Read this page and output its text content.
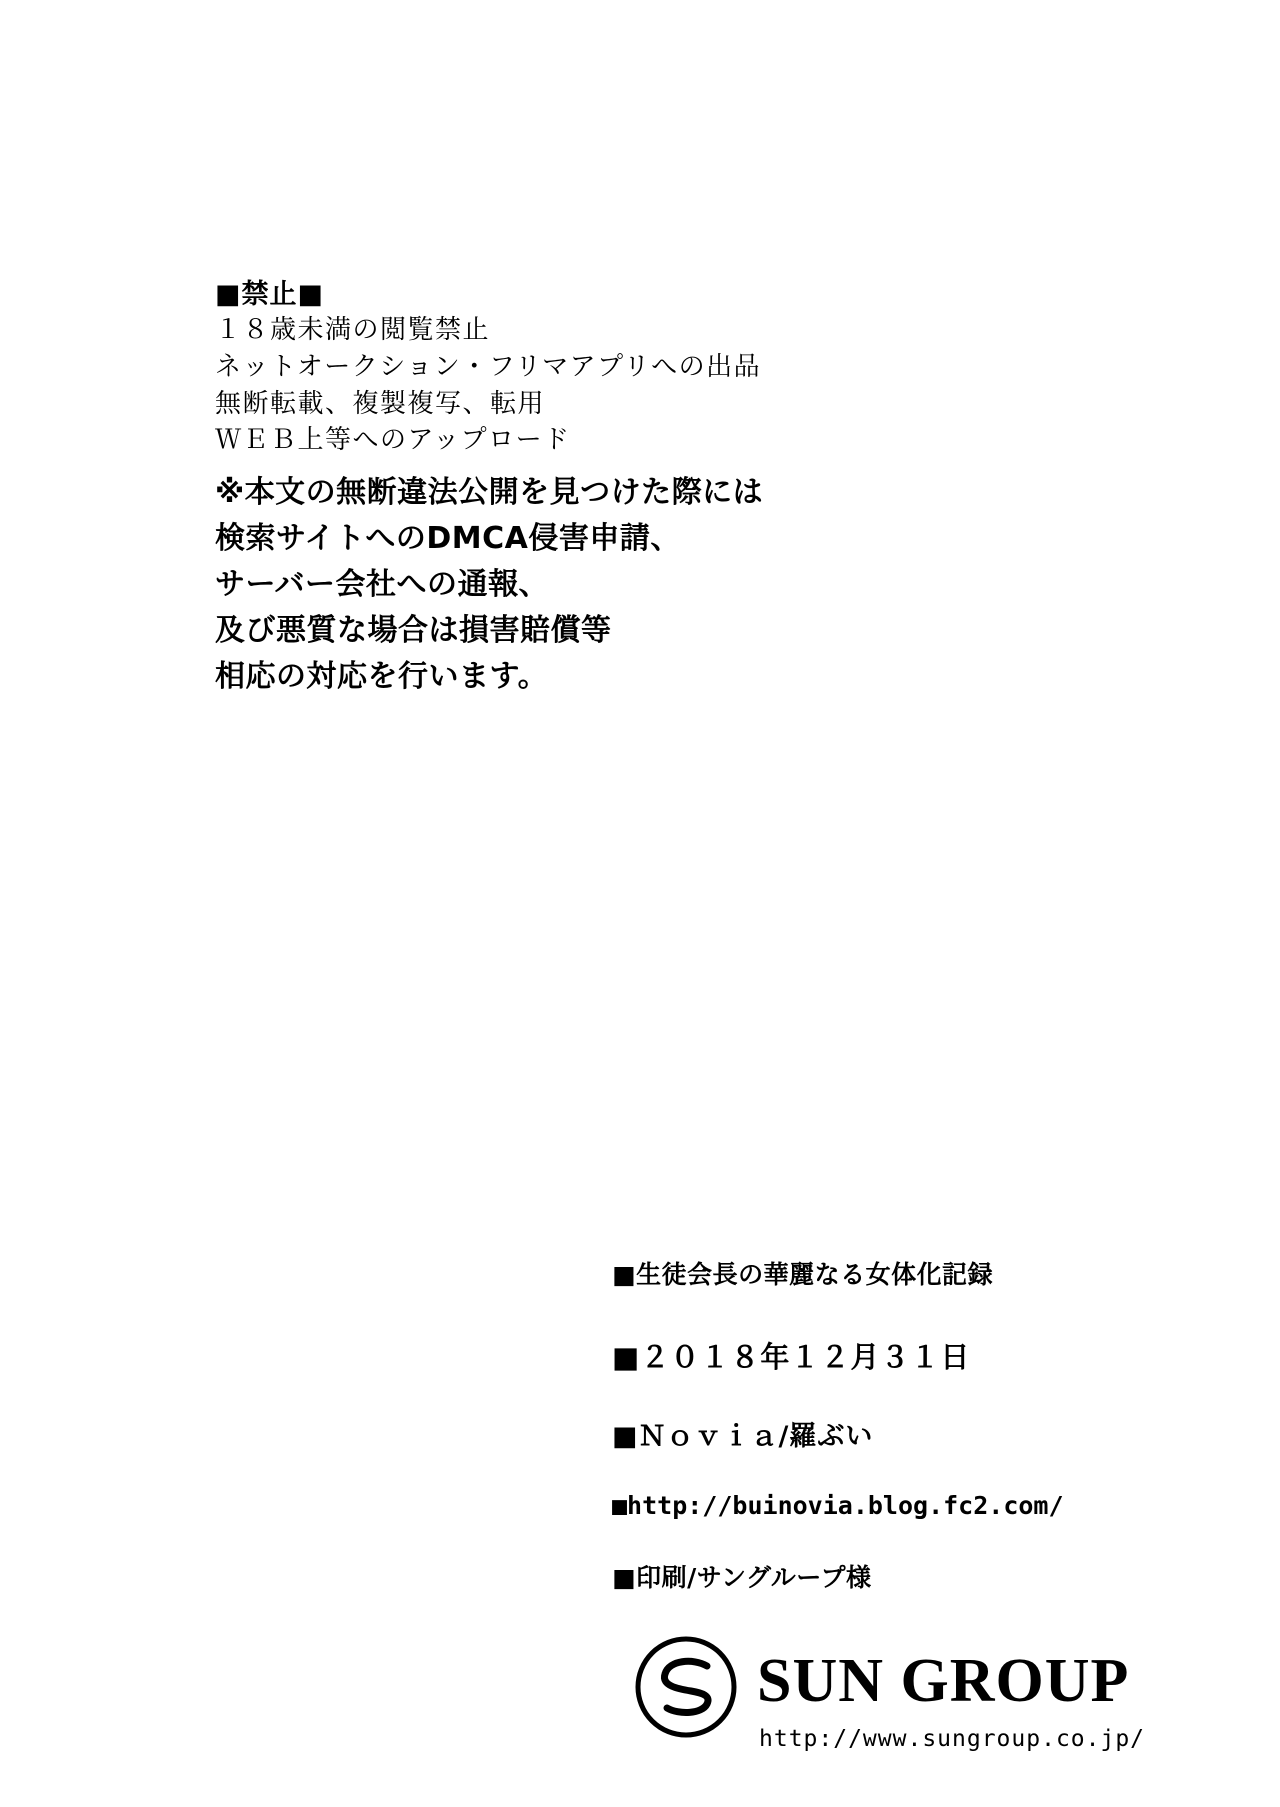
■禁止■
１８歳未満の閲覧禁止
ネットオークション・フリマアプリへの出品
無断転載、複製複写、転用
ＷＥＢ上等へのアップロード
※本文の無断違法公開を見つけた際には
検索サイトへのDMCA侵害申請、
サーバー会社への通報、
及び悪質な場合は損害賠償等
相応の対応を行います。
■生徒会長の華麗なる女体化記録
■２０１８年１２月３１日
■Ｎｏｖｉａ/羅ぶい
■http://buinovia.blog.fc2.com/
■印刷/サングループ様
SUN GROUP
http://www.sungroup.co.jp/
